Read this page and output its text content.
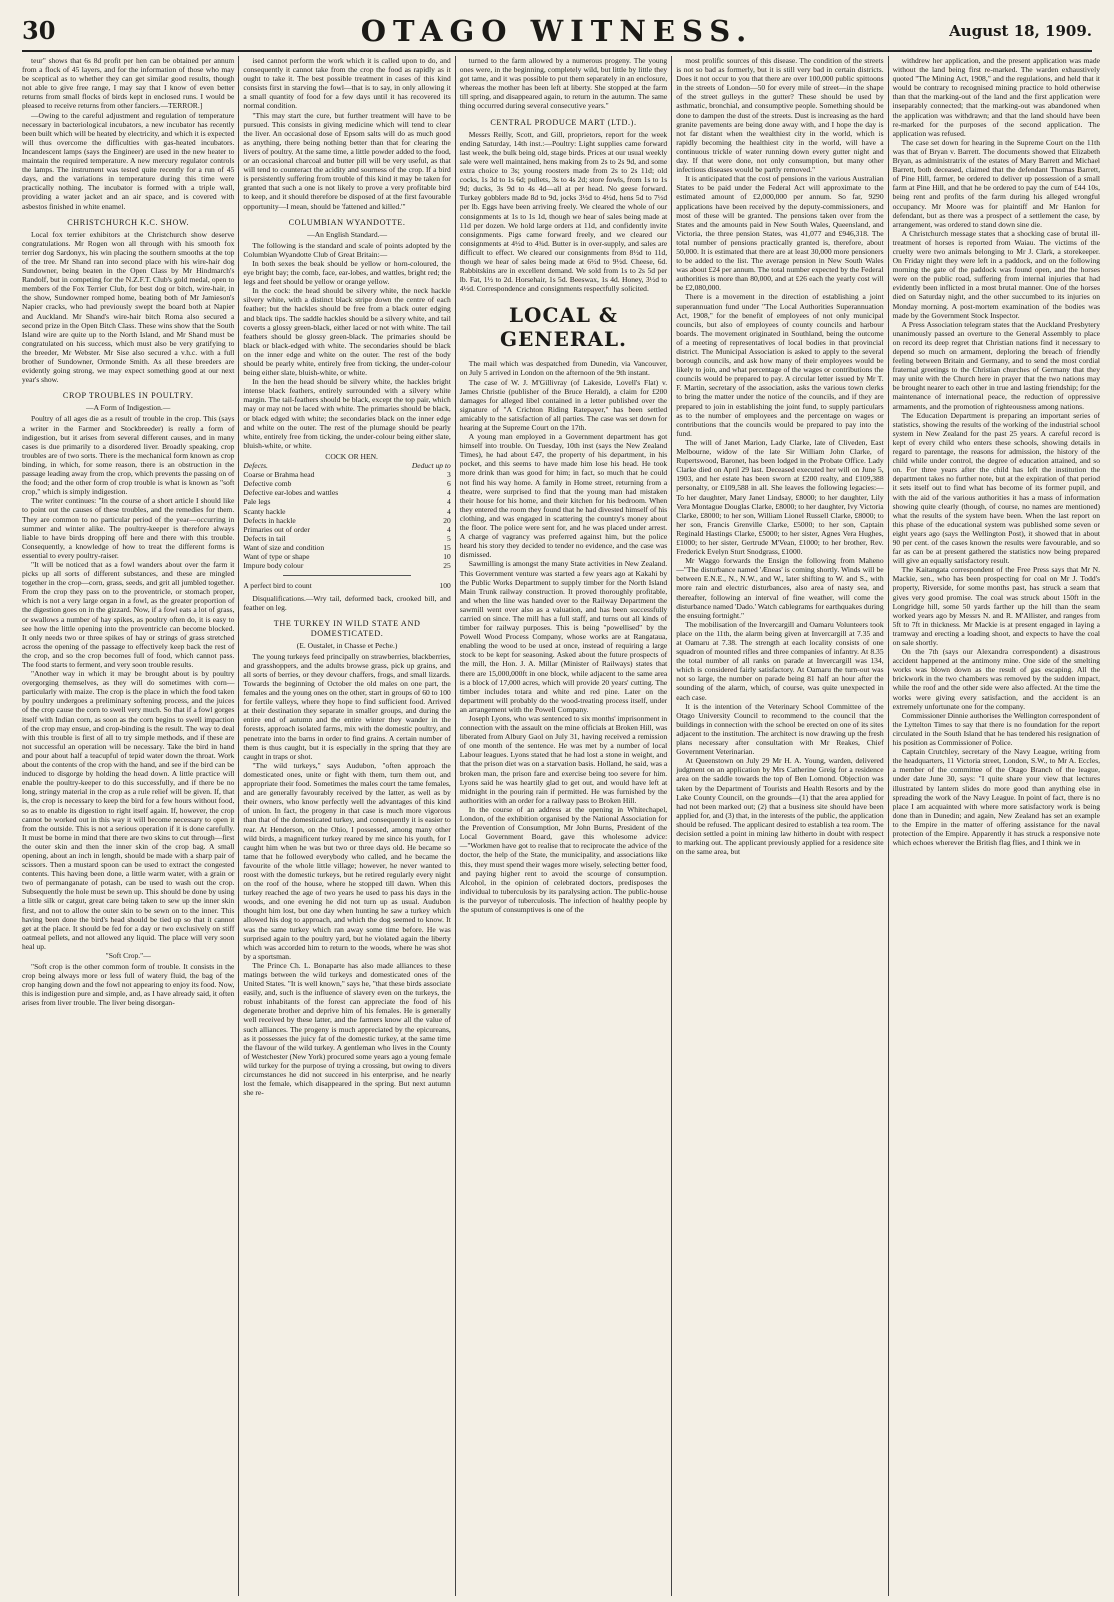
30	OTAGO WITNESS.	August 18, 1909.

teur" shows that 6s 8d profit per hen can be obtained per annum from a flock of 45 layers, and for the information of those who may be sceptical as to whether they can get similar good results, though not able to give free range, I may say that I know of even better returns from small flocks of birds kept in enclosed runs. I would be pleased to receive returns from other fanciers.—TERROR.]

—Owing to the careful adjustment and regulation of temperature necessary in bacteriological incubators, a new incubator has recently been built which will be heated by electricity, and which it is expected will thus overcome the difficulties with gas-heated incubators. Incandescent lamps (says the Engineer) are used in the new heater to maintain the required temperature. A new mercury regulator controls the lamps. The instrument was tested quite recently for a run of 45 days, and the variations in temperature during this time were practically nothing. The incubator is formed with a triple wall, providing a water jacket and an air space, and is covered with asbestos finished in white enamel.

CHRISTCHURCH K.C. SHOW.

Local fox terrier exhibitors at the Christchurch show deserve congratulations. Mr Rogen won all through with his smooth fox terrier dog Sardonyx, his win placing the southern smooths at the top of the tree. Mr Shand ran into second place with his wire-hair dog Sundowner, being beaten in the Open Class by Mr Hindmarch's Randolf, but in competing for the N.Z.F.T. Club's gold medal, open to members of the Fox Terrier Club, for best dog or bitch, wire-hair, in the show, Sundowner romped home, beating both of Mr Jamieson's Napier cracks, who had previously swept the board both at Napier and Auckland. Mr Shand's wire-hair bitch Roma also secured a second prize in the Open Bitch Class. These wins show that the South Island wire are quite up to the North Island, and Mr Shand must be congratulated on his success, which must also be very gratifying to the breeder, Mr Webster. Mr Sise also secured a v.h.c. with a full brother of Sundowner, Ormonde Smith. As all these breeders are evidently going strong, we may expect something good at our next year's show.

CROP TROUBLES IN POULTRY.

—A Form of Indigestion.—

Poultry of all ages die as a result of trouble in the crop. This (says a writer in the Farmer and Stockbreeder) is really a form of indigestion, but it arises from several different causes, and in many cases is due primarily to a disordered liver. Broadly speaking, crop troubles are of two sorts. There is the mechanical form known as crop binding, in which, for some reason, there is an obstruction in the passage leading away from the crop, which prevents the passing on of the food; and the other form of crop trouble is what is known as "soft crop," which is simply indigestion.

The writer continues: "In the course of a short article I should like to point out the causes of these troubles, and the remedies for them. They are common to no particular period of the year—occurring in summer and winter alike. The poultry-keeper is therefore always liable to have birds dropping off here and there with this trouble. Consequently, a knowledge of how to treat the different forms is essential to every poultry-raiser.

"It will be noticed that as a fowl wanders about over the farm it picks up all sorts of different substances, and these are mingled together in the crop—corn, grass, seeds, and grit all jumbled together. From the crop they pass on to the proventricle, or stomach proper, which is not a very large organ in a fowl, as the greater proportion of the digestion goes on in the gizzard. Now, if a fowl eats a lot of grass, or swallows a number of hay spikes, as poultry often do, it is easy to see how the little opening into the proventricle can become blocked. It only needs two or three spikes of hay or strings of grass stretched across the opening of the passage to effectively keep back the rest of the crop, and so the crop becomes full of food, which cannot pass. The food starts to ferment, and very soon trouble results.

"Another way in which it may be brought about is by poultry overgorging themselves, as they will do sometimes with corn—particularly with maize. The crop is the place in which the food taken by poultry undergoes a preliminary softening process, and the juices of the crop cause the corn to swell very much. So that if a fowl gorges itself with Indian corn, as soon as the corn begins to swell impaction of the crop may ensue, and crop-binding is the result. The way to deal with this trouble is first of all to try simple methods, and if these are not successful an operation will be necessary. Take the bird in hand and pour about half a teacupful of tepid water down the throat. Work about the contents of the crop with the hand, and see if the bird can be induced to disgorge by holding the head down. A little practice will enable the poultry-keeper to do this successfully, and if there be no long, stringy material in the crop as a rule relief will be given. If, that is, the crop is necessary to keep the bird for a few hours without food, so as to enable its digestion to right itself again. If, however, the crop cannot be worked out in this way it will become necessary to open it from the outside. This is not a serious operation if it is done carefully. It must be borne in mind that there are two skins to cut through—first the outer skin and then the inner skin of the crop bag. A small opening, about an inch in length, should be made with a sharp pair of scissors. Then a mustard spoon can be used to extract the congested contents. This having been done, a little warm water, with a grain or two of permanganate of potash, can be used to wash out the crop. Subsequently the hole must be sewn up. This should be done by using a little silk or catgut, great care being taken to sew up the inner skin first, and not to allow the outer skin to be sewn on to the inner. This having been done the bird's head should be tied up so that it cannot get at the place. It should be fed for a day or two exclusively on stiff oatmeal pellets, and not allowed any liquid. The place will very soon heal up.

"Soft Crop."—

"Soft crop is the other common form of trouble. It consists in the crop being always more or less full of watery fluid, the bag of the crop hanging down and the fowl not appearing to enjoy its food. Now, this is indigestion pure and simple, and, as I have already said, it often arises from liver trouble. The liver being disorgan-

ised cannot perform the work which it is called upon to do, and consequently it cannot take from the crop the food as rapidly as it ought to take it. The best possible treatment in cases of this kind consists first in starving the fowl—that is to say, in only allowing it a small quantity of food for a few days until it has recovered its normal condition.

"This may start the cure, but further treatment will have to be pursued. This consists in giving medicine which will tend to clear the liver. An occasional dose of Epsom salts will do as much good as anything, there being nothing better than that for clearing the livers of poultry. At the same time, a little powder added to the food, or an occasional charcoal and butter pill will be very useful, as that will tend to counteract the acidity and sourness of the crop. If a bird is persistently suffering from trouble of this kind it may be taken for granted that such a one is not likely to prove a very profitable bird to keep, and it should therefore be disposed of at the first favourable opportunity—I mean, should be 'fattened and killed.'"

COLUMBIAN WYANDOTTE.

—An English Standard.—

The following is the standard and scale of points adopted by the Columbian Wyandotte Club of Great Britain:—

In both sexes the beak should be yellow or horn-coloured, the eye bright bay; the comb, face, ear-lobes, and wattles, bright red; the legs and feet should be yellow or orange yellow.

In the cock: the head should be silvery white, the neck hackle silvery white, with a distinct black stripe down the centre of each feather; but the hackles should be free from a black outer edging and black tips. The saddle hackles should be a silvery white, and tail coverts a glossy green-black, either laced or not with white. The tail feathers should be glossy green-black. The primaries should be black or black-edged with white. The secondaries should be black on the inner edge and white on the outer. The rest of the body should be pearly white, entirely free from ticking, the under-colour being either slate, bluish-white, or white.

In the hen the head should be silvery white, the hackles bright intense black feathers, entirely surrounded with a silvery white margin. The tail-feathers should be black, except the top pair, which may or may not be laced with white. The primaries should be black, or black edged with white; the secondaries black on the inner edge and white on the outer. The rest of the plumage should be pearly white, entirely free from ticking, the under-colour being either slate, bluish-white, or white.

COCK OR HEN.

Defects.	Deduct up to
Coarse or Brahma head	3
Defective comb	6
Defective ear-lobes and wattles	4
Pale legs	4
Scanty hackle	4
Defects in hackle	20
Primaries out of order	4
Defects in tail	5
Want of size and condition	15
Want of type or shape	10
Impure body colour	25
A perfect bird to count	100

Disqualifications.—Wry tail, deformed back, crooked bill, and feather on leg.

THE TURKEY IN WILD STATE AND DOMESTICATED.

(E. Oustalet, in Chasse et Peche.)

The young turkeys feed principally on strawberries, blackberries, and grasshoppers, and the adults browse grass, pick up grains, and all sorts of berries, or they devour chaffers, frogs, and small lizards. Towards the beginning of October the old males on one part, the females and the young ones on the other, start in groups of 60 to 100 for fertile valleys, where they hope to find sufficient food. Arrived at their destination they separate in smaller groups, and during the entire end of autumn and the entire winter they wander in the forests, approach isolated farms, mix with the domestic poultry, and penetrate into the barns in order to find grains. A certain number of them is thus caught, but it is especially in the spring that they are caught in traps or shot.

"The wild turkeys," says Audubon, "often approach the domesticated ones, unite or fight with them, turn them out, and appropriate their food. Sometimes the males court the tame females, and are generally favourably received by the latter, as well as by their owners, who know perfectly well the advantages of this kind of union. In fact, the progeny in that case is much more vigorous than that of the domesticated turkey, and consequently it is easier to rear. At Henderson, on the Ohio, I possessed, among many other wild birds, a magnificent turkey reared by me since his youth, for I caught him when he was but two or three days old. He became so tame that he followed everybody who called, and he became the favourite of the whole little village; however, he never wanted to roost with the domestic turkeys, but he retired regularly every night on the roof of the house, where he stopped till dawn. When this turkey reached the age of two years he used to pass his days in the woods, and one evening he did not turn up as usual. Audubon thought him lost, but one day when hunting he saw a turkey which allowed his dog to approach, and which the dog seemed to know. It was the same turkey which ran away some time before. He was surprised again to the poultry yard, but he violated again the liberty which was accorded him to return to the woods, where he was shot by a sportsman.

The Prince Ch. L. Bonaparte has also made alliances to these matings between the wild turkeys and domesticated ones of the United States. "It is well known," says he, "that these birds associate easily, and, such is the influence of slavery even on the turkeys, the robust inhabitants of the forest can appreciate the food of his degenerate brother and deprive him of his females. He is generally well received by these latter, and the farmers know all the value of such alliances. The progeny is much appreciated by the epicureans, as it possesses the juicy fat of the domestic turkey, at the same time the flavour of the wild turkey. A gentleman who lives in the County of Westchester (New York) procured some years ago a young female wild turkey for the purpose of trying a crossing, but owing to divers circumstances he did not succeed in his enterprise, and he nearly lost the female, which disappeared in the spring. But next autumn she re-

turned to the farm allowed by a numerous progeny. The young ones were, in the beginning, completely wild, but little by little they got tame, and it was possible to put them separately in an enclosure, whereas the mother has been left at liberty. She stopped at the farm till spring, and disappeared again, to return in the autumn. The same thing occurred during several consecutive years."

CENTRAL PRODUCE MART (LTD.).

Messrs Reilly, Scott, and Gill, proprietors, report for the week ending Saturday, 14th inst.:—Poultry: Light supplies came forward last week, the bulk being old, stage birds. Prices at our usual weekly sale were well maintained, hens making from 2s to 2s 9d, and some extra choice to 3s; young roosters made from 2s to 2s 11d; old cocks, 1s 3d to 1s 6d; pullets, 3s to 4s 2d; store fowls, from 1s to 1s 9d; ducks, 3s 9d to 4s 4d—all at per head. No geese forward. Turkey gobblers made 8d to 9d, jocks 3½d to 4½d, hens 5d to 7½d per lb. Eggs have been arriving freely. We cleared the whole of our consignments at 1s to 1s 1d, though we hear of sales being made at 11d per dozen. We hold large orders at 11d, and confidently invite consignments. Pigs came forward freely, and we cleared our consignments at 4½d to 4¾d. Butter is in over-supply, and sales are difficult to effect. We cleared our consignments from 8½d to 11d, though we hear of sales being made at 6½d to 9½d. Cheese, 6d. Rabbitskins are in excellent demand. We sold from 1s to 2s 5d per lb. Fat, 1½ to 2d. Horsehair, 1s 5d. Beeswax, 1s 4d. Honey, 3½d to 4½d. Correspondence and consignments respectfully solicited.

LOCAL & GENERAL.

The mail which was despatched from Dunedin, via Vancouver, on July 5 arrived in London on the afternoon of the 9th instant.

The case of W. J. M'Gillivray (of Lakeside, Lovell's Flat) v. James Christie (publisher of the Bruce Herald), a claim for £200 damages for alleged libel contained in a letter published over the signature of "A Crichton Riding Ratepayer," has been settled amicably to the satisfaction of all parties. The case was set down for hearing at the Supreme Court on the 17th.

A young man employed in a Government department has got himself into trouble. On Tuesday, 10th inst (says the New Zealand Times), he had about £47, the property of his department, in his pocket, and this seems to have made him lose his head. He took more drink than was good for him; in fact, so much that he could not find his way home. A family in Home street, returning from a theatre, were surprised to find that the young man had mistaken their house for his home, and their kitchen for his bedroom. When they entered the room they found that he had divested himself of his clothing, and was engaged in scattering the country's money about the floor. The police were sent for, and he was placed under arrest. A charge of vagrancy was preferred against him, but the police heard his story they decided to tender no evidence, and the case was dismissed.

Sawmilling is amongst the many State activities in New Zealand. This Government venture was started a few years ago at Kakahi by the Public Works Department to supply timber for the North Island Main Trunk railway construction. It proved thoroughly profitable, and when the line was handed over to the Railway Department the sawmill went over also as a valuation, and has been successfully carried on since. The mill has a full staff, and turns out all kinds of timber for railway purposes. This is being "powellised" by the Powell Wood Process Company, whose works are at Rangataua, enabling the wood to be used at once, instead of requiring a large stock to be kept for seasoning. Asked about the future prospects of the mill, the Hon. J. A. Millar (Minister of Railways) states that there are 15,000,000ft in one block, while adjacent to the same area is a block of 17,000 acres, which will provide 20 years' cutting. The timber includes totara and white and red pine. Later on the department will probably do the wood-treating process itself, under an arrangement with the Powell Company.

Joseph Lyons, who was sentenced to six months' imprisonment in connection with the assault on the mine officials at Broken Hill, was liberated from Albury Gaol on July 31, having received a remission of one month of the sentence. He was met by a number of local Labour leagues. Lyons stated that he had lost a stone in weight, and that the prison diet was on a starvation basis. Holland, he said, was a broken man, the prison fare and exercise being too severe for him. Lyons said he was heartily glad to get out, and would have left at midnight in the pouring rain if permitted. He was furnished by the authorities with an order for a railway pass to Broken Hill.

In the course of an address at the opening in Whitechapel, London, of the exhibition organised by the National Association for the Prevention of Consumption, Mr John Burns, President of the Local Government Board, gave this wholesome advice:—"Workmen have got to realise that to reciprocate the advice of the doctor, the help of the State, the municipality, and associations like this, they must spend their wages more wisely, selecting better food, and paying higher rent to avoid the scourge of consumption. Alcohol, in the opinion of celebrated doctors, predisposes the individual to tuberculosis by its paralysing action. The public-house is the purveyor of tuberculosis. The infection of healthy people by the sputum of consumptives is one of the

most prolific sources of this disease. The condition of the streets is not so bad as formerly, but it is still very bad in certain districts. Does it not occur to you that there are over 100,000 public spittoons in the streets of London—50 for every mile of street—in the shape of the street gulleys in the gutter? These should be used by asthmatic, bronchial, and consumptive people. Something should be done to dampen the dust of the streets. Dust is increasing as the hard granite pavements are being done away with, and I hope the day is not far distant when the wealthiest city in the world, which is rapidly becoming the healthiest city in the world, will have a continuous trickle of water running down every gutter night and day. If that were done, not only consumption, but many other infectious diseases would be partly removed."

It is anticipated that the cost of pensions in the various Australian States to be paid under the Federal Act will approximate to the estimated amount of £2,000,000 per annum. So far, 9290 applications have been received by the deputy-commissioners, and most of these will be granted. The pensions taken over from the States and the amounts paid in New South Wales, Queensland, and Victoria, the three pension States, was 41,077 and £946,318. The total number of pensions practically granted is, therefore, about 50,000. It is estimated that there are at least 30,000 more pensioners to be added to the list. The average pension in New South Wales was about £24 per annum. The total number expected by the Federal authorities is more than 80,000, and at £26 each the yearly cost will be £2,080,000.

There is a movement in the direction of establishing a joint superannuation fund under "The Local Authorities Superannuation Act, 1908," for the benefit of employees of not only municipal councils, but also of employees of county councils and harbour boards. The movement originated in Southland, being the outcome of a meeting of representatives of local bodies in that provincial district. The Municipal Association is asked to apply to the several borough councils, and ask how many of their employees would be likely to join, and what percentage of the wages or contributions the councils would be prepared to pay. A circular letter issued by Mr T. F. Martin, secretary of the association, asks the various town clerks to bring the matter under the notice of the councils, and if they are prepared to join in establishing the joint fund, to supply particulars as to the number of employees and the percentage on wages or contributions that the councils would be prepared to pay into the fund.

The will of Janet Marion, Lady Clarke, late of Cliveden, East Melbourne, widow of the late Sir William John Clarke, of Rupertswood, Baronet, has been lodged in the Probate Office. Lady Clarke died on April 29 last. Deceased executed her will on June 5, 1903, and her estate has been sworn at £200 realty, and £109,388 personalty, or £109,588 in all. She leaves the following legacies:—To her daughter, Mary Janet Lindsay, £8000; to her daughter, Lily Vera Montague Douglas Clarke, £8000; to her daughter, Ivy Victoria Clarke, £8000; to her son, William Lionel Russell Clarke, £8000; to her son, Francis Grenville Clarke, £5000; to her son, Captain Reginald Hastings Clarke, £5000; to her sister, Agnes Vera Hughes, £1000; to her sister, Gertrude M'Vean, £1000; to her brother, Rev. Frederick Evelyn Sturt Snodgrass, £1000.

Mr Waggo forwards the Ensign the following from Maheno—"The disturbance named 'Æneas' is coming shortly. Winds will be between E.N.E., N., N.W., and W., later shifting to W. and S., with more rain and electric disturbances, also area of nasty sea, and thereafter, following an interval of fine weather, will come the disturbance named 'Dado.' Watch cablegrams for earthquakes during the ensuing fortnight."

The mobilisation of the Invercargill and Oamaru Volunteers took place on the 11th, the alarm being given at Invercargill at 7.35 and at Oamaru at 7.38. The strength at each locality consists of one squadron of mounted rifles and three companies of infantry. At 8.35 the total number of all ranks on parade at Invercargill was 134, which is considered fairly satisfactory. At Oamaru the turn-out was not so large, the number on parade being 81 half an hour after the sounding of the alarm, which, of course, was quite unexpected in each case.

It is the intention of the Veterinary School Committee of the Otago University Council to recommend to the council that the buildings in connection with the school be erected on one of its sites adjacent to the institution. The architect is now drawing up the fresh plans necessary after consultation with Mr Reakes, Chief Government Veterinarian.

At Queenstown on July 29 Mr H. A. Young, warden, delivered judgment on an application by Mrs Catherine Greig for a residence area on the saddle towards the top of Ben Lomond. Objection was taken by the Department of Tourists and Health Resorts and by the Lake County Council, on the grounds—(1) that the area applied for had not been marked out; (2) that a business site should have been applied for, and (3) that, in the interests of the public, the application should be refused. The applicant desired to establish a tea room. The decision settled a point in mining law hitherto in doubt with respect to marking out. The applicant previously applied for a residence site on the same area, but

withdrew her application, and the present application was made without the land being first re-marked. The warden exhaustively quoted "The Mining Act, 1908," and the regulations, and held that it would be contrary to recognised mining practice to hold otherwise than that the marking-out of the land and the first application were inseparably connected; that the marking-out was abandoned when the application was withdrawn; and that the land should have been re-marked for the purposes of the second application. The application was refused.

The case set down for hearing in the Supreme Court on the 11th was that of Bryan v. Barrett. The documents showed that Elizabeth Bryan, as administratrix of the estates of Mary Barrett and Michael Barrett, both deceased, claimed that the defendant Thomas Barrett, of Pine Hill, farmer, be ordered to deliver up possession of a small farm at Pine Hill, and that he be ordered to pay the cum of £44 10s, being rent and profits of the farm during his alleged wrongful occupancy. Mr Moore was for plaintiff and Mr Hanlon for defendant, but as there was a prospect of a settlement the case, by arrangement, was ordered to stand down sine die.

A Christchurch message states that a shocking case of brutal ill-treatment of horses is reported from Waiau. The victims of the cruelty were two animals belonging to Mr J. Clark, a storekeeper. On Friday night they were left in a paddock, and on the following morning the gate of the paddock was found open, and the horses were on the public road, suffering from internal injuries that had evidently been inflicted in a most brutal manner. One of the horses died on Saturday night, and the other succumbed to its injuries on Monday morning. A post-mortem examination of the bodies was made by the Government Stock Inspector.

A Press Association telegram states that the Auckland Presbytery unanimously passed an overture to the General Assembly to place on record its deep regret that Christian nations find it necessary to depend so much on armament, deploring the breach of friendly feeling between Britain and Germany, and to send the most cordial fraternal greetings to the Christian churches of Germany that they may unite with the Church here in prayer that the two nations may be brought nearer to each other in true and lasting friendship; for the maintenance of international peace, the reduction of oppressive armaments, and the promotion of righteousness among nations.

The Education Department is preparing an important series of statistics, showing the results of the working of the industrial school system in New Zealand for the past 25 years. A careful record is kept of every child who enters these schools, showing details in regard to parentage, the reasons for admission, the history of the child while under control, the degree of education attained, and so on. For three years after the child has left the institution the department takes no further note, but at the expiration of that period it sets itself out to find what has become of its former pupil, and with the aid of the various authorities it has a mass of information showing quite clearly (though, of course, no names are mentioned) what the results of the system have been. When the last report on this phase of the educational system was published some seven or eight years ago (says the Wellington Post), it showed that in about 90 per cent. of the cases known the results were favourable, and so far as can be at present gathered the statistics now being prepared will give an equally satisfactory result.

The Kaitangata correspondent of the Free Press says that Mr N. Mackie, sen., who has been prospecting for coal on Mr J. Todd's property, Riverside, for some months past, has struck a seam that gives very good promise. The coal was struck about 150ft in the Longridge hill, some 50 yards farther up the hill than the seam worked years ago by Messrs N. and R. M'Allister, and ranges from 5ft to 7ft in thickness. Mr Mackie is at present engaged in laying a tramway and erecting a loading shoot, and expects to have the coal on sale shortly.

On the 7th (says our Alexandra correspondent) a disastrous accident happened at the antimony mine. One side of the smelting works was blown down as the result of gas escaping. All the brickwork in the two chambers was removed by the sudden impact, while the roof and the other side were also affected. At the time the works were giving every satisfaction, and the accident is an extremely unfortunate one for the company.

Commissioner Dinnie authorises the Wellington correspondent of the Lyttelton Times to say that there is no foundation for the report circulated in the South Island that he has tendered his resignation of his position as Commissioner of Police.

Captain Crutchley, secretary of the Navy League, writing from the headquarters, 11 Victoria street, London, S.W., to Mr A. Eccles, a member of the committee of the Otago Branch of the league, under date June 30, says: "I quite share your view that lectures illustrated by lantern slides do more good than anything else in spreading the work of the Navy League. In point of fact, there is no place I am acquainted with where more satisfactory work is being done than in Dunedin; and again, New Zealand has set an example to the Empire in the matter of offering assistance for the naval protection of the Empire. Apparently it has struck a responsive note which echoes wherever the British flag flies, and I think we in
